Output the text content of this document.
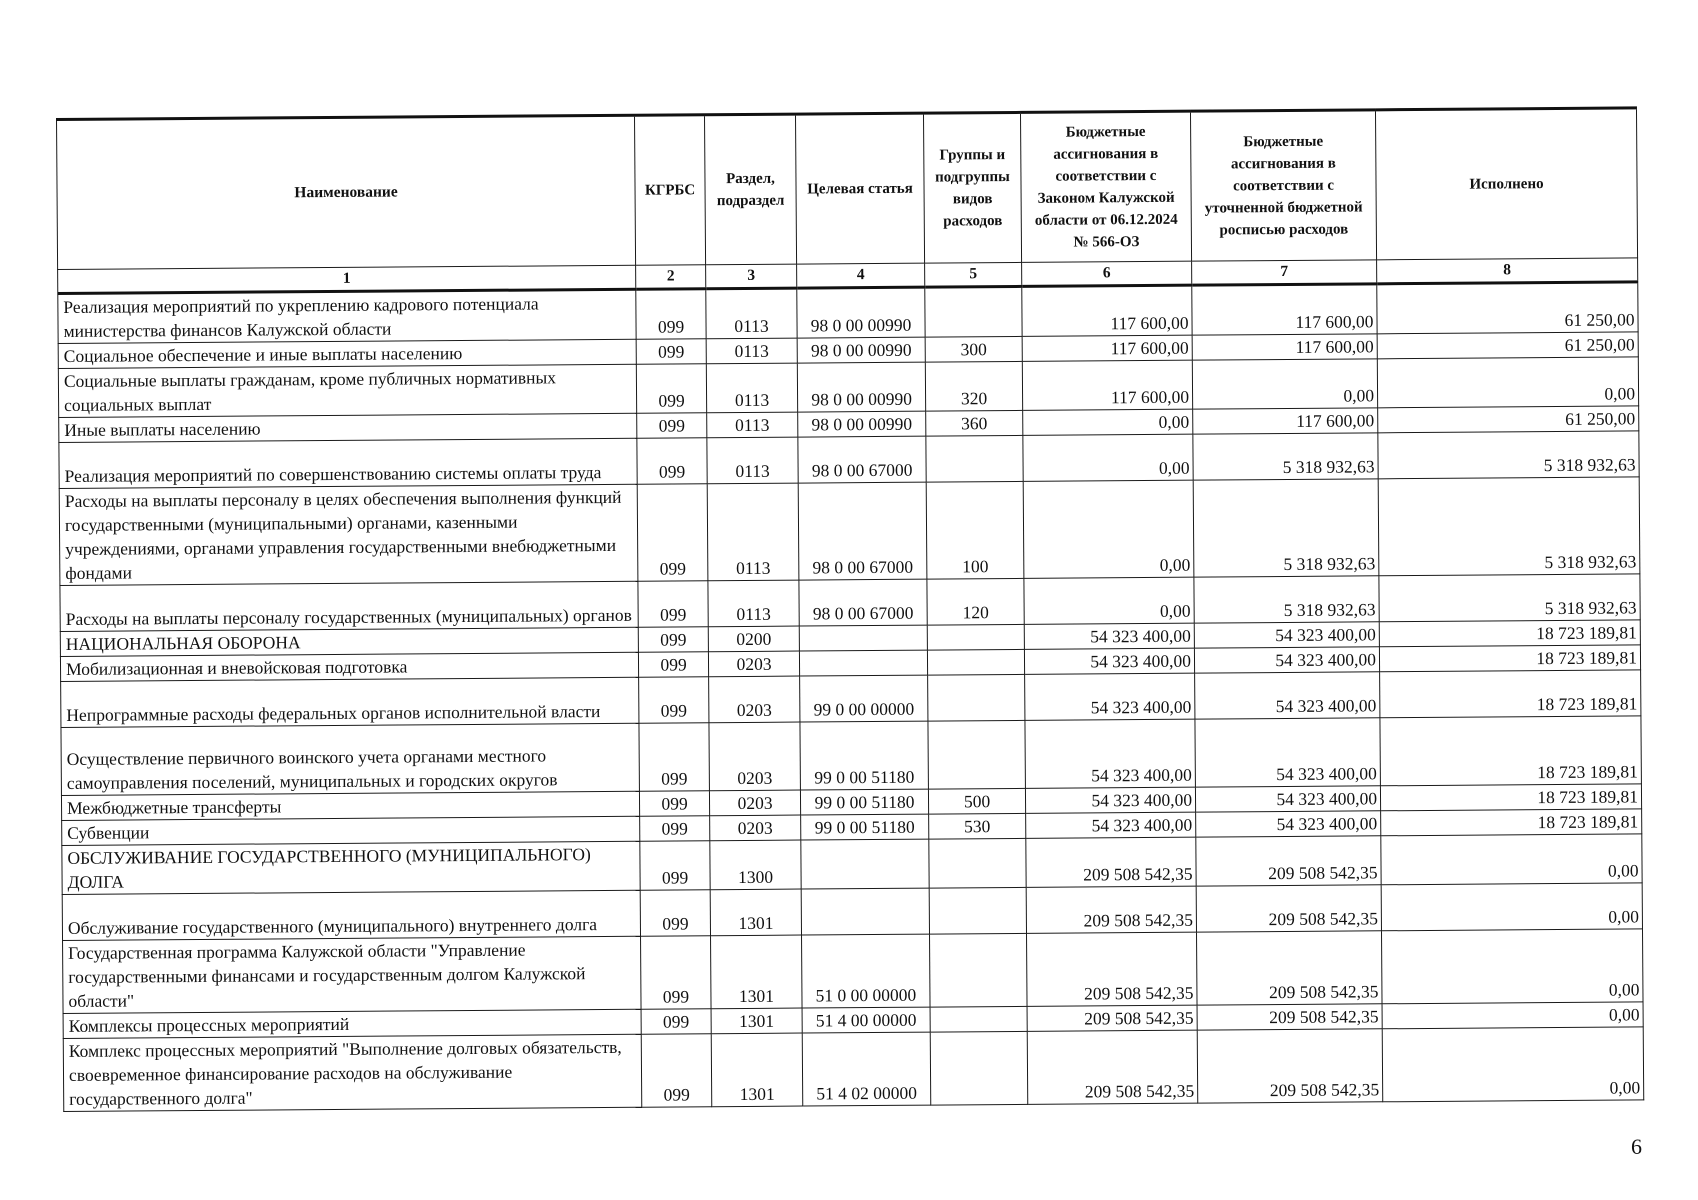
Наименование	КГРБС	Раздел, подраздел	Целевая статья	Группы и подгруппы видов расходов	Бюджетные ассигнования в соответствии с Законом Калужской области от 06.12.2024 № 566-ОЗ	Бюджетные ассигнования в соответствии с уточненной бюджетной росписью расходов	Исполнено
1	2	3	4	5	6	7	8
Реализация мероприятий по укреплению кадрового потенциала министерства финансов Калужской области	099	0113	98 0 00 00990		117 600,00	117 600,00	61 250,00
Социальное обеспечение и иные выплаты населению	099	0113	98 0 00 00990	300	117 600,00	117 600,00	61 250,00
Социальные выплаты гражданам, кроме публичных нормативных социальных выплат	099	0113	98 0 00 00990	320	117 600,00	0,00	0,00
Иные выплаты населению	099	0113	98 0 00 00990	360	0,00	117 600,00	61 250,00
Реализация мероприятий по совершенствованию системы оплаты труда	099	0113	98 0 00 67000		0,00	5 318 932,63	5 318 932,63
Расходы на выплаты персоналу в целях обеспечения выполнения функций государственными (муниципальными) органами, казенными учреждениями, органами управления государственными внебюджетными фондами	099	0113	98 0 00 67000	100	0,00	5 318 932,63	5 318 932,63
Расходы на выплаты персоналу государственных (муниципальных) органов	099	0113	98 0 00 67000	120	0,00	5 318 932,63	5 318 932,63
НАЦИОНАЛЬНАЯ ОБОРОНА	099	0200			54 323 400,00	54 323 400,00	18 723 189,81
Мобилизационная и вневойсковая подготовка	099	0203			54 323 400,00	54 323 400,00	18 723 189,81
Непрограммные расходы федеральных органов исполнительной власти	099	0203	99 0 00 00000		54 323 400,00	54 323 400,00	18 723 189,81
Осуществление первичного воинского учета органами местного самоуправления поселений, муниципальных и городских округов	099	0203	99 0 00 51180		54 323 400,00	54 323 400,00	18 723 189,81
Межбюджетные трансферты	099	0203	99 0 00 51180	500	54 323 400,00	54 323 400,00	18 723 189,81
Субвенции	099	0203	99 0 00 51180	530	54 323 400,00	54 323 400,00	18 723 189,81
ОБСЛУЖИВАНИЕ ГОСУДАРСТВЕННОГО (МУНИЦИПАЛЬНОГО) ДОЛГА	099	1300			209 508 542,35	209 508 542,35	0,00
Обслуживание государственного (муниципального) внутреннего долга	099	1301			209 508 542,35	209 508 542,35	0,00
Государственная программа Калужской области "Управление государственными финансами и государственным долгом Калужской области"	099	1301	51 0 00 00000		209 508 542,35	209 508 542,35	0,00
Комплексы процессных мероприятий	099	1301	51 4 00 00000		209 508 542,35	209 508 542,35	0,00
Комплекс процессных мероприятий "Выполнение долговых обязательств, своевременное финансирование расходов на обслуживание государственного долга"	099	1301	51 4 02 00000		209 508 542,35	209 508 542,35	0,00
6
